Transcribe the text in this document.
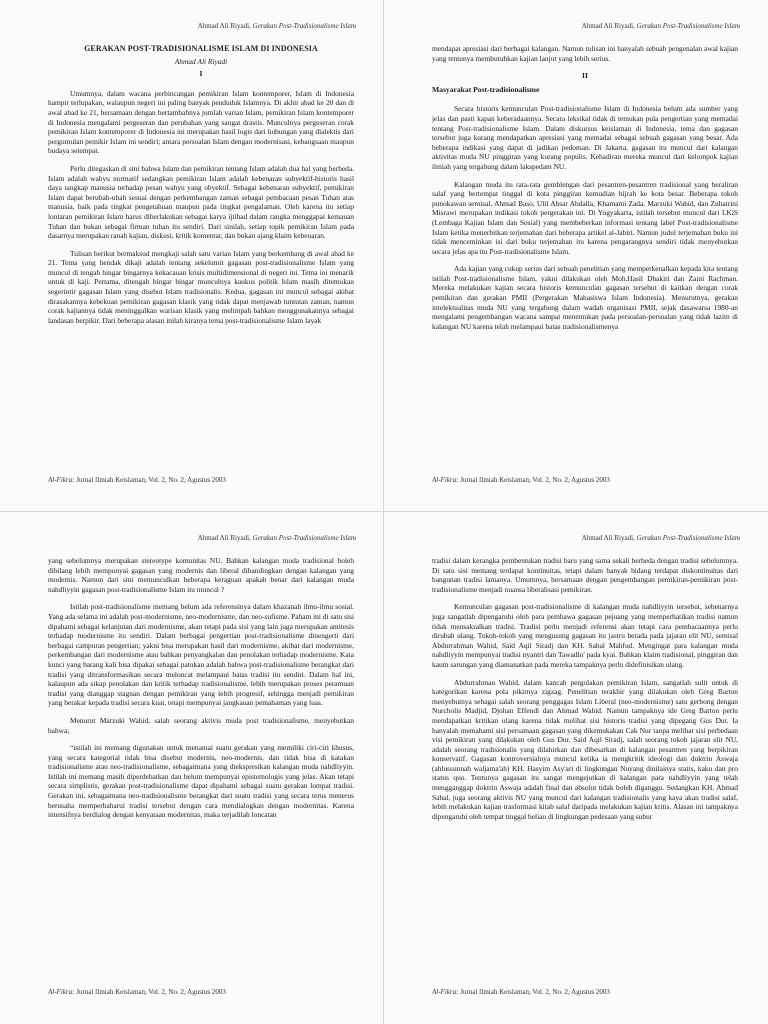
Ahmad Ali Riyadi, Gerakan Post-Tradisionalisme Islam
GERAKAN POST-TRADISIONALISME ISLAM DI INDONESIA
Ahmad Ali Riyadi
I

Umumnya, dalam wacana perbincangan pemikiran Islam kontemporer, Islam di Indonesia hampir terlupakan, walaupun negeri ini paling banyak penduduk Islamnya. Di akhir abad ke 20 dan di awal abad ke 21, bersamaan dengan bertambahnya jumlah varian Islam, pemikiran Islam kontemporer di Indonesia mengalami pergeseran dan perubahan yang sangat drastis. Munculnya pergeseran corak pemikiran Islam kontemporer di Indonesia ini merupakan hasil logis dari hubungan yang dialektis dari pergumulan pemikir Islam ini sendiri; antara persoalan Islam dengan modernisasi, kebangsaan maupun budaya setempat.

Perlu ditegaskan di sini bahwa Islam dan pemikiran tentang Islam adalah dua hal yang berbeda. Islam adalah wahyu normatif sedangkan pemikiran Islam adalah kebenaran subyektif-historis hasil daya tangkap manusia terhadap pesan wahyu yang obyektif. Sebagai kebenaran subyektif, pemikiran Islam dapat berubah-ubah sesuai dengan perkembangan zaman sebagai pembacaan pesan Tuhan atas manusia, baik pada tingkat pengetahuan maupun pada tingkat pengalaman. Oleh karena itu setiap lontaran pemikiran Islam harus diberlakukan sebagai karya ijtihad dalam rangka menggapai kemauan Tuhan dan bukan sebagai firman tuhan itu sendiri. Dari sinilah, setiap topik pemikiran Islam pada dasarnya merupakan ranah kajian, diskusi, kritik komentar, dan bukan ajang klaim kebenaran.

Tulisan berikut bermaksud mengkaji salah satu varian Islam yang berkembang di awal abad ke 21. Tema yang hendak dikaji adalah tentang sekelumit gagasan post-tradisionalisme Islam yang muncul di tengah hingar bingarnya kekacauan krisis multidimensional di negeri ini. Tema ini menarik untuk di kaji. Pertama, ditengah hingar bingar munculnya kaukus politik Islam masih ditemukan segerintir gagasan Islam yang disebut Islam tradisionalis. Kedua, gagasan ini muncul sebagai akibat dirasakannya kebekuan pemikiran gagasan klasik yang tidak dapat menjawab tuntutan zaman, namun corak kajiannya tidak meninggalkan warisan klasik yang melimpah bahkan menggunakannya sebagai landasan berpikir. Dari beberapa alasan inilah kiranya tema post-tradisionalisme Islam layak

Al-Fikra: Jurnal Ilmiah Keislaman, Vol. 2, No. 2, Agustus 2003
Ahmad Ali Riyadi, Gerakan Post-Tradisionalisme Islam

mendapat apresiasi dari berbagai kalangan. Namun tulisan ini hanyalah sebuah pengenalan awal kajian yang tentunya membutuhkan kajian lanjut yang lebih serius.

II
Masyarakat Post-tradisionalisme

Secara historis kemunculan Post-tradisionalisme Islam di Indonesia belum ada sumber yang jelas dan pasti kapan keberadaannya. Secara leksikal tidak di temukan pula pengertian yang memadai tentang Post-tradisionalisme Islam. Dalam diskursus keislaman di Indonesia, tema dan gagasan tersebut juga kurang mendapatkan apresiasi yang memadai sebagai sebuah gagasan yang besar. Ada beberapa indikasi yang dapat di jadikan pedoman. Di Jakarta, gagasan itu muncul dari kalangan aktivitas muda NU pinggiran yang kurang populis. Kehadiran mereka muncul dari kelompok kajian ilmiah yang tergabung dalam lakspedam NU.

Kalangan muda itu rata-rata gemblengan dari pesantren-pesantren tradisional yang beraliran salaf yang bertempat tinggal di kota pinggiran kemudian hijrah ke kota besar. Beberapa tokoh punokawan semisal, Ahmad Baso, Ulil Absar Abdalla, Khamami Zada, Marzuki Wahid, dan Zuhairini Misrawi merupakan indikasi tokoh pergerakan ini. Di Yogyakarta, istilah tersebut muncul dari LKiS (Lembaga Kajian Islam dan Sosial) yang membeberkan informasi tentang label Post-tradisionalisme Islam ketika menerbitkan terjemahan dari beberapa artikel al-Jabiri. Namun judul terjemahan buku ini tidak menceminkan isi dari buku terjemahan itu karena pengarangnya sendiri tidak menyebutkan secara jelas apa itu Post-tradisionalisme Islam.

Ada kajian yang cukup serius dari sebuah penelitian yang memperkenalkan kepada kita tentang istilah Post-tradisionalisme Islam, yakni dilakukan oleh Moh.Hasil Dhakiri dan Zaini Rachman. Mereka melakukan kajian secara historis kemunculan gagasan tersebut di kaitkan dengan corak pemikiran dan gerakan PMII (Pergerakan Mahasiswa Islam Indonesia). Menurutnya, gerakan intelektualitas muda NU yang tergabung dalam wadah organisasi PMII, sejak dasawarsa 1980-an mengalami pengembangan wacana sampai menemukan pada persoalan-persoalan yang tidak lazim di kalangan NU karena telah melampaui batas tradisionalismenya

Al-Fikra: Jurnal Ilmiah Keislaman, Vol. 2, No. 2, Agustus 2003
Ahmad Ali Riyadi, Gerakan Post-Tradisionalisme Islam

yang sebelumnya merupakan stereotype komunitas NU. Bahkan kalangan muda tradisional boleh dibilang lebih mempunyai gagasan yang modernis dan liberal dibandingkan dengan kalangan yang modernis. Namun dari sini memunculkan beberapa keraguan apakah benar dari kalangan muda nahdliyyin gagasan post-tradisionalisme Islam itu muncul ?

Istilah post-tradisionalisme memang belum ada referensinya dalam khazanah ilmu-ilmu sosial. Yang ada selama ini adalah post-modernisme, neo-modernisme, dan neo-sufisme. Paham ini di satu sisi dipahami sebagai kelanjutan dari modernisme, akan tetapi pada sisi yang lain juga merupakan antitesis terhadap modernisme itu sendiri. Dalam berbagai pengertian post-tradisionalisme dinengerti dari berbagai campuran pengertian; yakni bisa merupakan hasil dari modernisme, akibat dari modernisme, perkembangan dari modernisme atau bahkan penyangkalan dan penolakan terhadap modernisme. Kata kunci yang barang kali bisa dipakai sebagai patokan adalah bahwa post-tradisionalisme berangkat dari tradisi yang ditransformasikan secara meloncat melampaui batas tradisi itu sendiri. Dalam hal ini, kalaupun ada sikap penolakan dan kritik terhadap tradisionalisme, lebih merupakan proses peramuan tradisi yang dianggap stagnan dengan pemikiran yang lebih progresif, sehingga menjadi pemikiran yang berakar kepada tradisi secara kuat, tetapi mempunyai jangkauan pemahaman yang luas.

Menurut Marzuki Wahid, salah seorang aktivis muda post tradisionalisme, menyebutkan bahwa;

“istilah ini memang digunakan untuk menamai suatu gerakan yang memiliki ciri-ciri khusus, yang secara kategorial tidak bisa disebut modernis, neo-modernis, dan tidak bisa di katakan tradisionalisme atau neo-tradisionalisme, sebagaimana yang diekspresikan kalangan muda nahdliyyin. Istilah ini memang masih diperdebatkan dan belum mempunyai epistemologis yang jelas. Akan tetapi secara simplistis, gerakan post-tradisionalisme dapat dipahami sebagai suatu gerakan lompat tradisi. Gerakan ini, sebagaimana neo-tradisionalisme berangkat dari suatu tradisi yang secara terus menerus berusaha memperbaharui tradisi tersebut dengan cara mendialogkan dengan modernitas. Karena intensifnya berdialog dengan kenyataan modernitas, maka terjadilah loncatan

Al-Fikra: Jurnal Ilmiah Keislaman, Vol. 2, No. 2, Agustus 2003
Ahmad Ali Riyadi, Gerakan Post-Tradisionalisme Islam

tradisi dalam kerangka pembentukan tradisi baru yang sama sekali berbeda dengan tradisi sebelumnya. Di satu sisi memang terdapat kontinuitas, tetapi dalam banyak bidang terdapat diskontinuitas dari bangunan tradisi lamanya. Umumnya, bersamaan dengan pengembangan pemikiran-pemikiran post-tradisionalisme menjadi nuansa liberalisasi pemikiran.

Kemunculan gagasan post-tradisionalisme di kalangan muda nahdliyyin tersebut, sebenarnya juga sangatlah dipengaruhi oleh para pembawa gagasan pejuang yang memperhatikan tradisi namun tidak mensakralkan tradisi. Tradisi perlu menjadi referensi akan tetapi cara pembacaannya perlu dirubah ulang. Tokoh-tokoh yang mengusung gagasan itu jastru berada pada jajaran elit NU, semisal Abdurrahman Wahid, Said Aqil Siradj dan KH. Sahal Mahfud. Mengingat para kalangan muda nahdliyyin mempunyai tradisi nyantri dan Tawadlu' pada kyai. Bahkan klaim tradisional, pinggiran dan kaum sarungan yang diamanatkan pada mereka tampaknya perlu didefinisikan ulang.

Abdurrahman Wahid, dalam kancah pergolakan pemikiran Islam, sangatlah sulit untuk di kategorikan karena pola pikirnya zigzag. Penelitian terakhir yang dilakukan oleh Greg Barton menyebutnya sebagai salah seorang penggagas Islam Liberal (neo-modernisme) satu gerbong dengan Nurcholis Madjid, Djohan Effendi dan Ahmad Wahid. Namun tampaknya ide Greg Barton perlu mendapatkan kritikan ulang karena tidak melihat sisi historis tradisi yang dipegang Gus Dur. Ia hanyalah memahami sisi persamaan gagasan yang dikemukakan Cak Nur tanpa melihat sisi perbedaan visi pemikiran yang dilakukan oleh Gus Dur. Said Aqil Siradj, salah seorang tokoh jajaran elit NU, adalah seorang tradisionalis yang dilahirkan dan dibesarkan di kalangan pesantren yang berpikiran konservatif. Gagasan kontroversialnya muncul ketika ia mengkritik ideologi dan doktrin Aswaja (ahlussunnah waljama'ah) KH. Hasyim Asy'ari di lingkungan Nuyang dinilainya statis, kaku dan pro status quo. Tentunya gagasan itu sangat mengejutkan di kalangan para nahdliyyin yang telah mengganggap doktrin Aswaja adalah final dan absolut tidak boleh diganggu. Sedangkan KH. Ahmad Sahal, juga seorang aktivis NU yang muncul dari kalangan tradisionalis yang kaya akan tradisi salaf, lebih melakukan kajian trasformasi kitab salaf daripada melakukan kajian kritis. Alasan ini tampaknya dipengaruhi oleh tempat tinggal beliau di lingkungan pedesaan yang subur

Al-Fikra: Jurnal Ilmiah Keislaman, Vol. 2, No. 2, Agustus 2003
